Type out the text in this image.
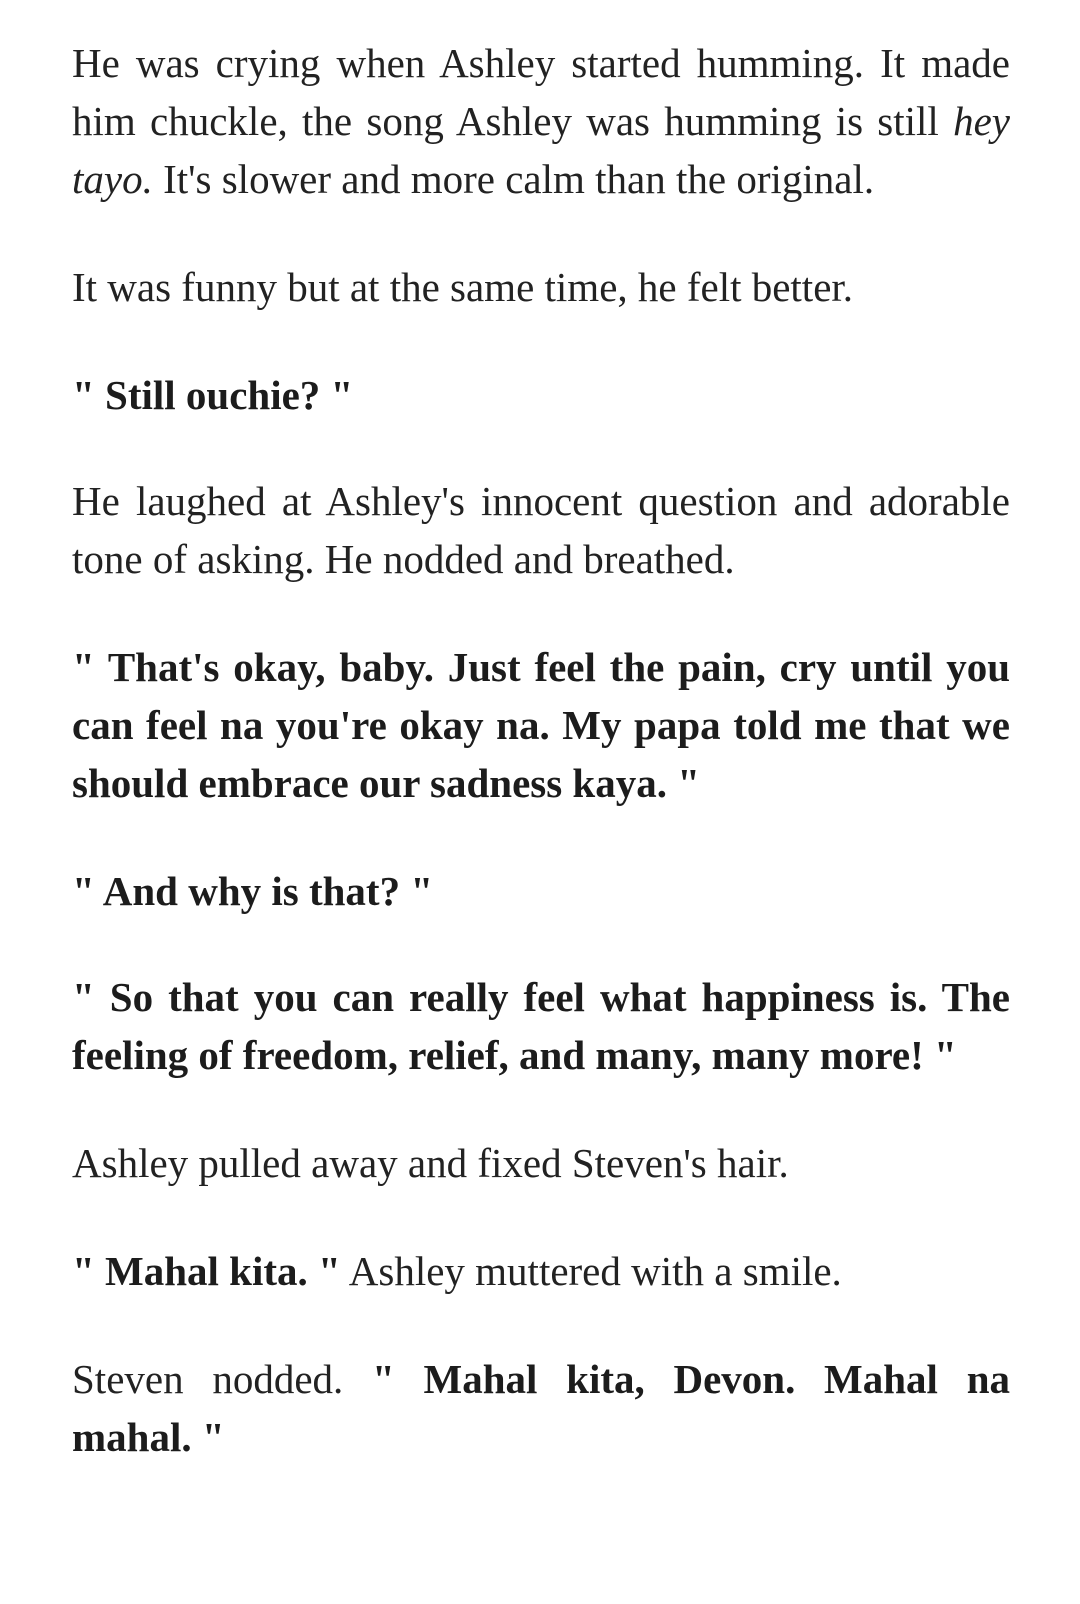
He was crying when Ashley started humming. It made him chuckle, the song Ashley was humming is still hey tayo. It's slower and more calm than the original.

It was funny but at the same time, he felt better.

" Still ouchie? "

He laughed at Ashley's innocent question and adorable tone of asking. He nodded and breathed.

" That's okay, baby. Just feel the pain, cry until you can feel na you're okay na. My papa told me that we should embrace our sadness kaya. "

" And why is that? "

" So that you can really feel what happiness is. The feeling of freedom, relief, and many, many more! "

Ashley pulled away and fixed Steven's hair.

" Mahal kita. " Ashley muttered with a smile.

Steven nodded. " Mahal kita, Devon. Mahal na mahal. "
